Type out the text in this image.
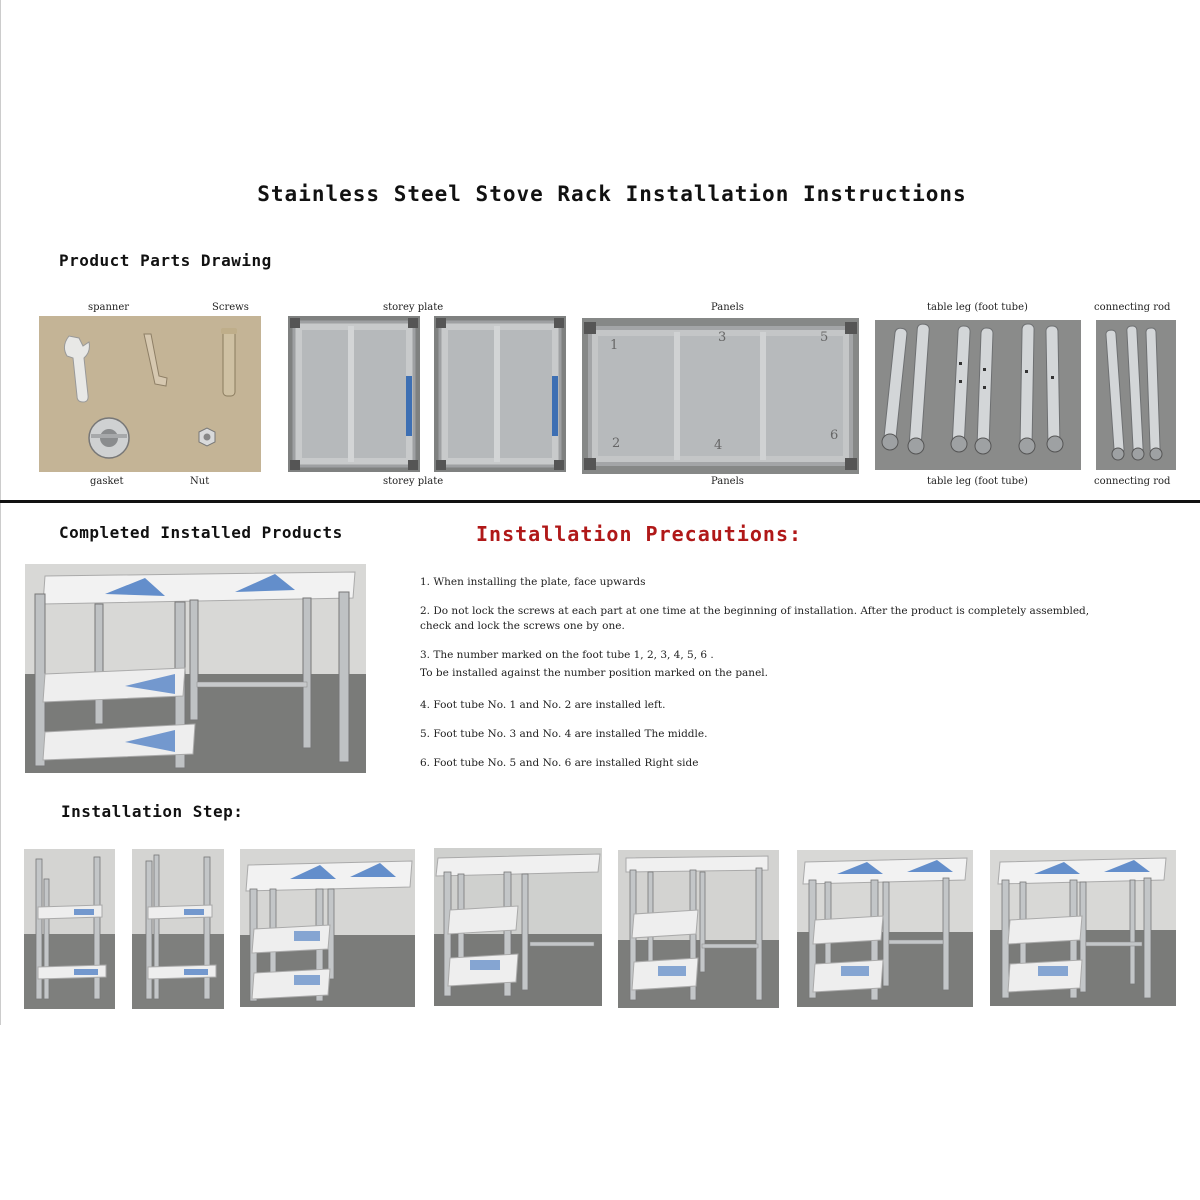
Stainless Steel Stove Rack Installation Instructions
Product Parts Drawing
spanner	Screws	storey plate	Panels	table leg (foot tube)	connecting rod
1
3	5
2	4
6
gasket	Nut	storey plate	Panels	table leg (foot tube)	connecting rod
Completed Installed Products	Installation Precautions:
1. When installing the plate, face upwards
2. Do not lock the screws at each part at one time at the beginning of installation. After the product is completely assembled,
check and lock the screws one by one.
3. The number marked on the foot tube 1, 2, 3, 4, 5, 6 .
To be installed against the number position marked on the panel.
4. Foot tube No. 1 and No. 2 are installed left.
5. Foot tube No. 3 and No. 4 are installed The middle.
6. Foot tube No. 5 and No. 6 are installed Right side
Installation Step:
